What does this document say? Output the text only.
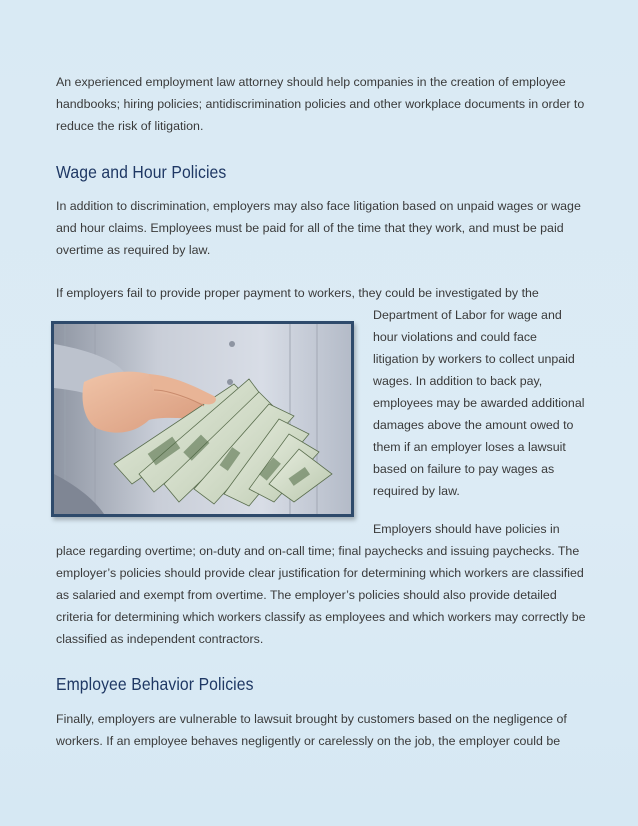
An experienced employment law attorney should help companies in the creation of employee handbooks; hiring policies; antidiscrimination policies and other workplace documents in order to reduce the risk of litigation.

Wage and Hour Policies

In addition to discrimination, employers may also face litigation based on unpaid wages or wage and hour claims. Employees must be paid for all of the time that they work, and must be paid overtime as required by law.

If employers fail to provide proper payment to workers, they could be investigated by the

Department of Labor for wage and hour violations and could face litigation by workers to collect unpaid wages. In addition to back pay, employees may be awarded additional damages above the amount owed to them if an employer loses a lawsuit based on failure to pay wages as required by law.

Employers should have policies in

place regarding overtime; on-duty and on-call time; final paychecks and issuing paychecks. The employer’s policies should provide clear justification for determining which workers are classified as salaried and exempt from overtime. The employer’s policies should also provide detailed criteria for determining which workers classify as employees and which workers may correctly be classified as independent contractors.

Employee Behavior Policies

Finally, employers are vulnerable to lawsuit brought by customers based on the negligence of workers. If an employee behaves negligently or carelessly on the job, the employer could be
